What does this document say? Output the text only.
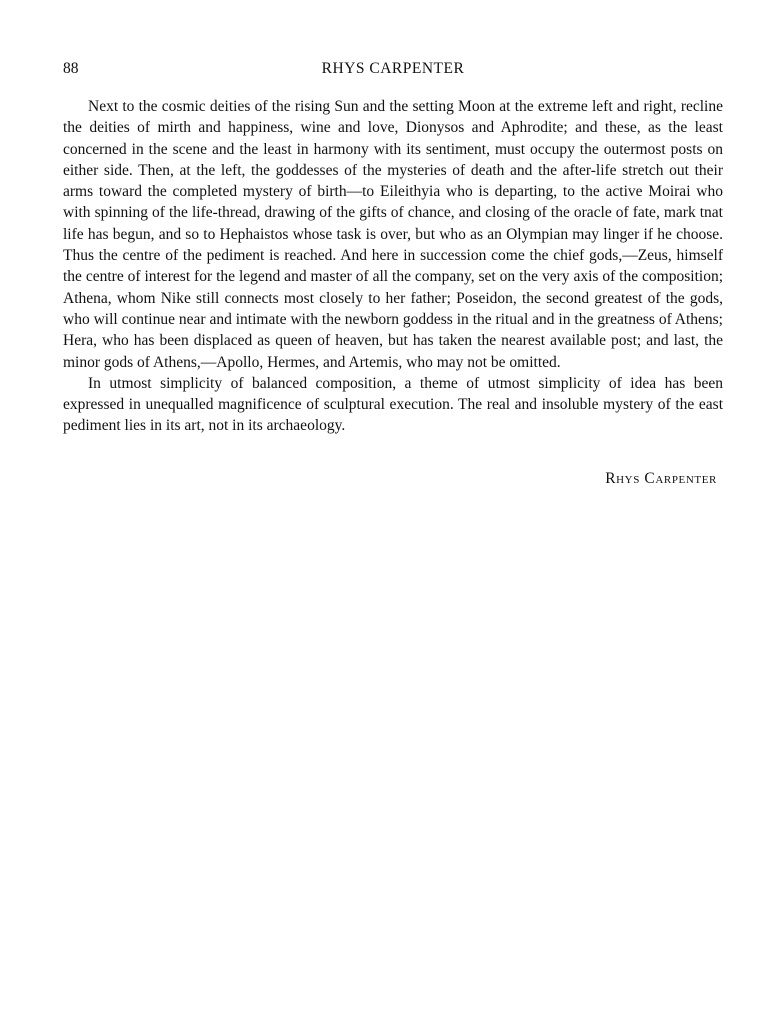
88	RHYS CARPENTER

Next to the cosmic deities of the rising Sun and the setting Moon at the extreme left and right, recline the deities of mirth and happiness, wine and love, Dionysos and Aphrodite; and these, as the least concerned in the scene and the least in harmony with its sentiment, must occupy the outermost posts on either side. Then, at the left, the goddesses of the mysteries of death and the after-life stretch out their arms toward the completed mystery of birth—to Eileithyia who is departing, to the active Moirai who with spinning of the life-thread, drawing of the gifts of chance, and closing of the oracle of fate, mark tnat life has begun, and so to Hephaistos whose task is over, but who as an Olympian may linger if he choose. Thus the centre of the pediment is reached. And here in succession come the chief gods,—Zeus, himself the centre of interest for the legend and master of all the company, set on the very axis of the composition; Athena, whom Nike still connects most closely to her father; Poseidon, the second greatest of the gods, who will continue near and intimate with the newborn goddess in the ritual and in the greatness of Athens; Hera, who has been displaced as queen of heaven, but has taken the nearest available post; and last, the minor gods of Athens,—Apollo, Hermes, and Artemis, who may not be omitted.

In utmost simplicity of balanced composition, a theme of utmost simplicity of idea has been expressed in unequalled magnificence of sculptural execution. The real and insoluble mystery of the east pediment lies in its art, not in its archaeology.

Rhys Carpenter
